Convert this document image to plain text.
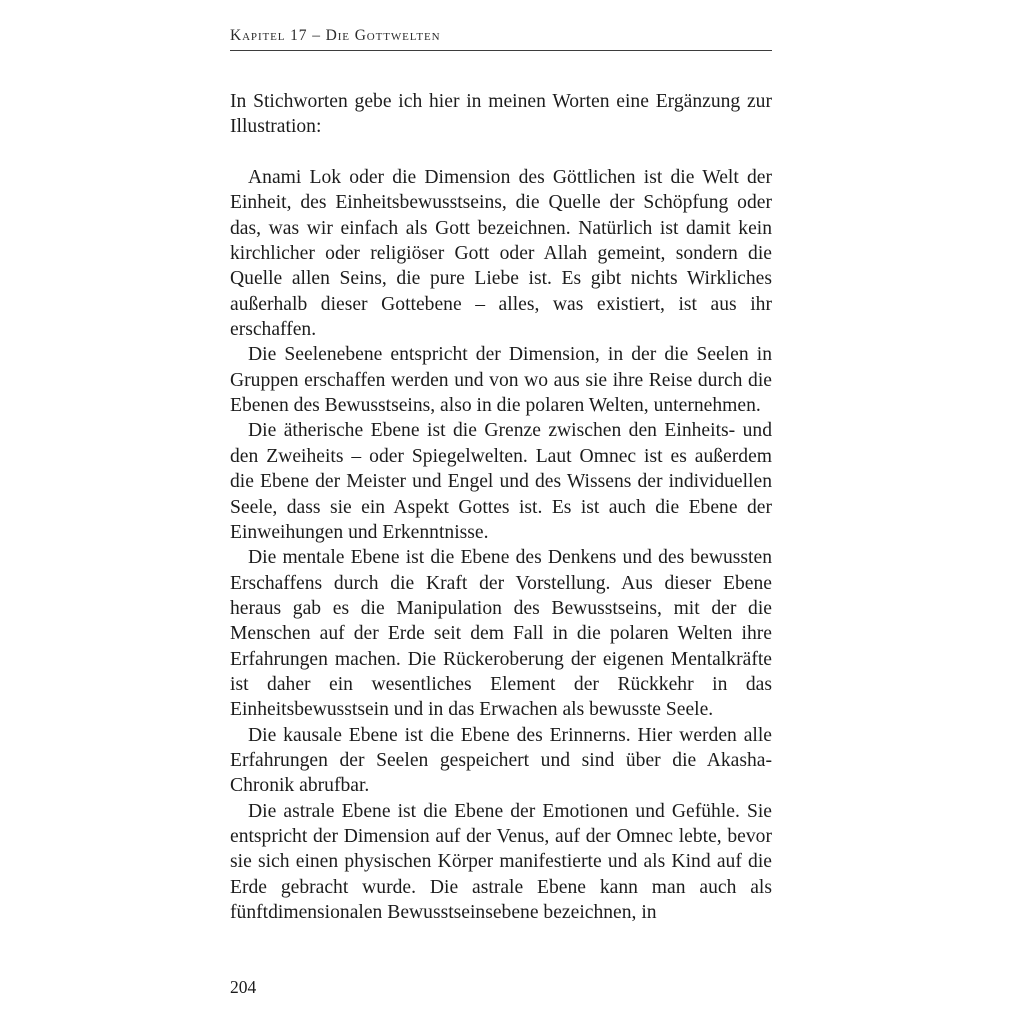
Kapitel 17 – Die Gottwelten

In Stichworten gebe ich hier in meinen Worten eine Ergänzung zur Illustration:

Anami Lok oder die Dimension des Göttlichen ist die Welt der Einheit, des Einheitsbewusstseins, die Quelle der Schöpfung oder das, was wir einfach als Gott bezeichnen. Natürlich ist damit kein kirchlicher oder religiöser Gott oder Allah gemeint, sondern die Quelle allen Seins, die pure Liebe ist. Es gibt nichts Wirkliches außerhalb dieser Gottebene – alles, was existiert, ist aus ihr erschaffen.

Die Seelenebene entspricht der Dimension, in der die Seelen in Gruppen erschaffen werden und von wo aus sie ihre Reise durch die Ebenen des Bewusstseins, also in die polaren Welten, unternehmen.

Die ätherische Ebene ist die Grenze zwischen den Einheits- und den Zweiheits – oder Spiegelwelten. Laut Omnec ist es außerdem die Ebene der Meister und Engel und des Wissens der individuellen Seele, dass sie ein Aspekt Gottes ist. Es ist auch die Ebene der Einweihungen und Erkenntnisse.

Die mentale Ebene ist die Ebene des Denkens und des bewussten Erschaffens durch die Kraft der Vorstellung. Aus dieser Ebene heraus gab es die Manipulation des Bewusstseins, mit der die Menschen auf der Erde seit dem Fall in die polaren Welten ihre Erfahrungen machen. Die Rückeroberung der eigenen Mentalkräfte ist daher ein wesentliches Element der Rückkehr in das Einheitsbewusstsein und in das Erwachen als bewusste Seele.

Die kausale Ebene ist die Ebene des Erinnerns. Hier werden alle Erfahrungen der Seelen gespeichert und sind über die Akasha-Chronik abrufbar.

Die astrale Ebene ist die Ebene der Emotionen und Gefühle. Sie entspricht der Dimension auf der Venus, auf der Omnec lebte, bevor sie sich einen physischen Körper manifestierte und als Kind auf die Erde gebracht wurde. Die astrale Ebene kann man auch als fünftdimensionalen Bewusstseinsebene bezeichnen, in

204
